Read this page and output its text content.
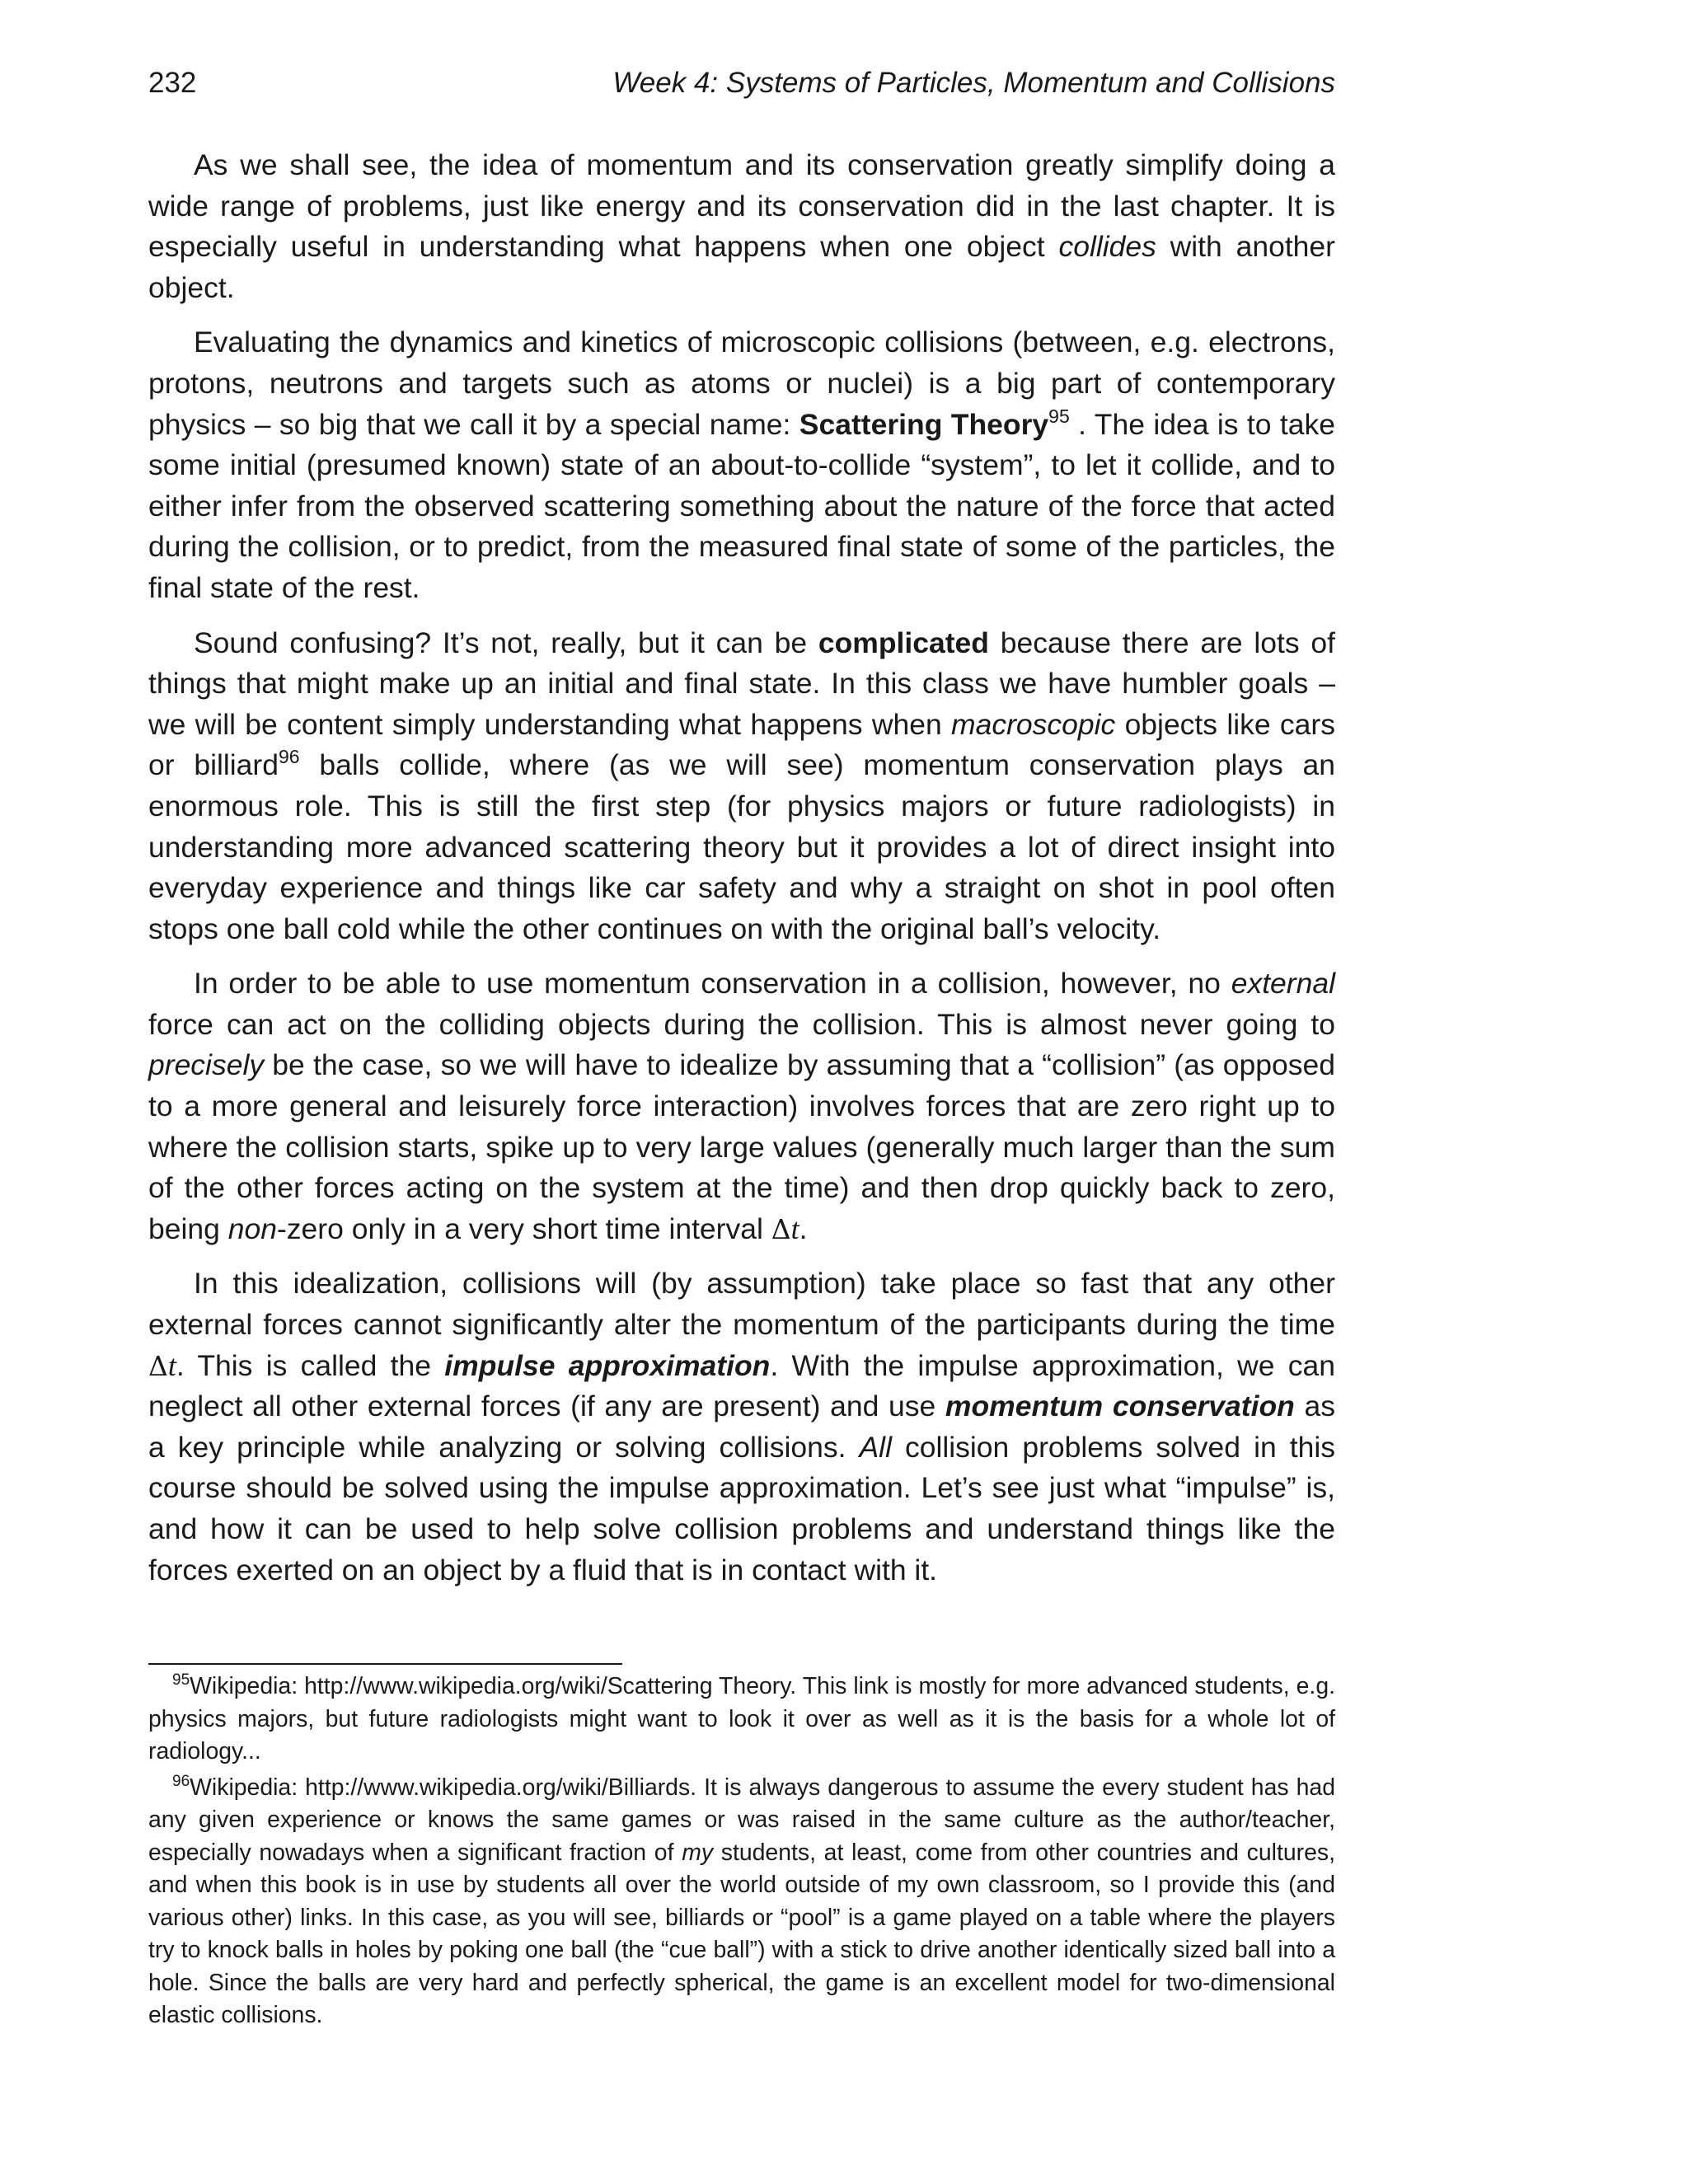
232	Week 4: Systems of Particles, Momentum and Collisions

As we shall see, the idea of momentum and its conservation greatly simplify doing a wide range of problems, just like energy and its conservation did in the last chapter. It is especially useful in understanding what happens when one object collides with another object.

Evaluating the dynamics and kinetics of microscopic collisions (between, e.g. electrons, protons, neutrons and targets such as atoms or nuclei) is a big part of contemporary physics – so big that we call it by a special name: Scattering Theory$^{95}$ . The idea is to take some initial (presumed known) state of an about-to-collide “system”, to let it collide, and to either infer from the observed scattering something about the nature of the force that acted during the collision, or to predict, from the measured final state of some of the particles, the final state of the rest.

Sound confusing? It’s not, really, but it can be complicated because there are lots of things that might make up an initial and final state. In this class we have humbler goals – we will be content simply understanding what happens when macroscopic objects like cars or billiard$^{96}$ balls collide, where (as we will see) momentum conservation plays an enormous role. This is still the first step (for physics majors or future radiologists) in understanding more advanced scattering theory but it provides a lot of direct insight into everyday experience and things like car safety and why a straight on shot in pool often stops one ball cold while the other continues on with the original ball’s velocity.

In order to be able to use momentum conservation in a collision, however, no external force can act on the colliding objects during the collision. This is almost never going to precisely be the case, so we will have to idealize by assuming that a “collision” (as opposed to a more general and leisurely force interaction) involves forces that are zero right up to where the collision starts, spike up to very large values (generally much larger than the sum of the other forces acting on the system at the time) and then drop quickly back to zero, being non-zero only in a very short time interval Δt.

In this idealization, collisions will (by assumption) take place so fast that any other external forces cannot significantly alter the momentum of the participants during the time Δt. This is called the impulse approximation. With the impulse approximation, we can neglect all other external forces (if any are present) and use momentum conservation as a key principle while analyzing or solving collisions. All collision problems solved in this course should be solved using the impulse approximation. Let’s see just what “impulse” is, and how it can be used to help solve collision problems and understand things like the forces exerted on an object by a fluid that is in contact with it.

$^{95}$Wikipedia: http://www.wikipedia.org/wiki/Scattering Theory. This link is mostly for more advanced students, e.g. physics majors, but future radiologists might want to look it over as well as it is the basis for a whole lot of radiology...

$^{96}$Wikipedia: http://www.wikipedia.org/wiki/Billiards. It is always dangerous to assume the every student has had any given experience or knows the same games or was raised in the same culture as the author/teacher, especially nowadays when a significant fraction of my students, at least, come from other countries and cultures, and when this book is in use by students all over the world outside of my own classroom, so I provide this (and various other) links. In this case, as you will see, billiards or “pool” is a game played on a table where the players try to knock balls in holes by poking one ball (the “cue ball”) with a stick to drive another identically sized ball into a hole. Since the balls are very hard and perfectly spherical, the game is an excellent model for two-dimensional elastic collisions.
